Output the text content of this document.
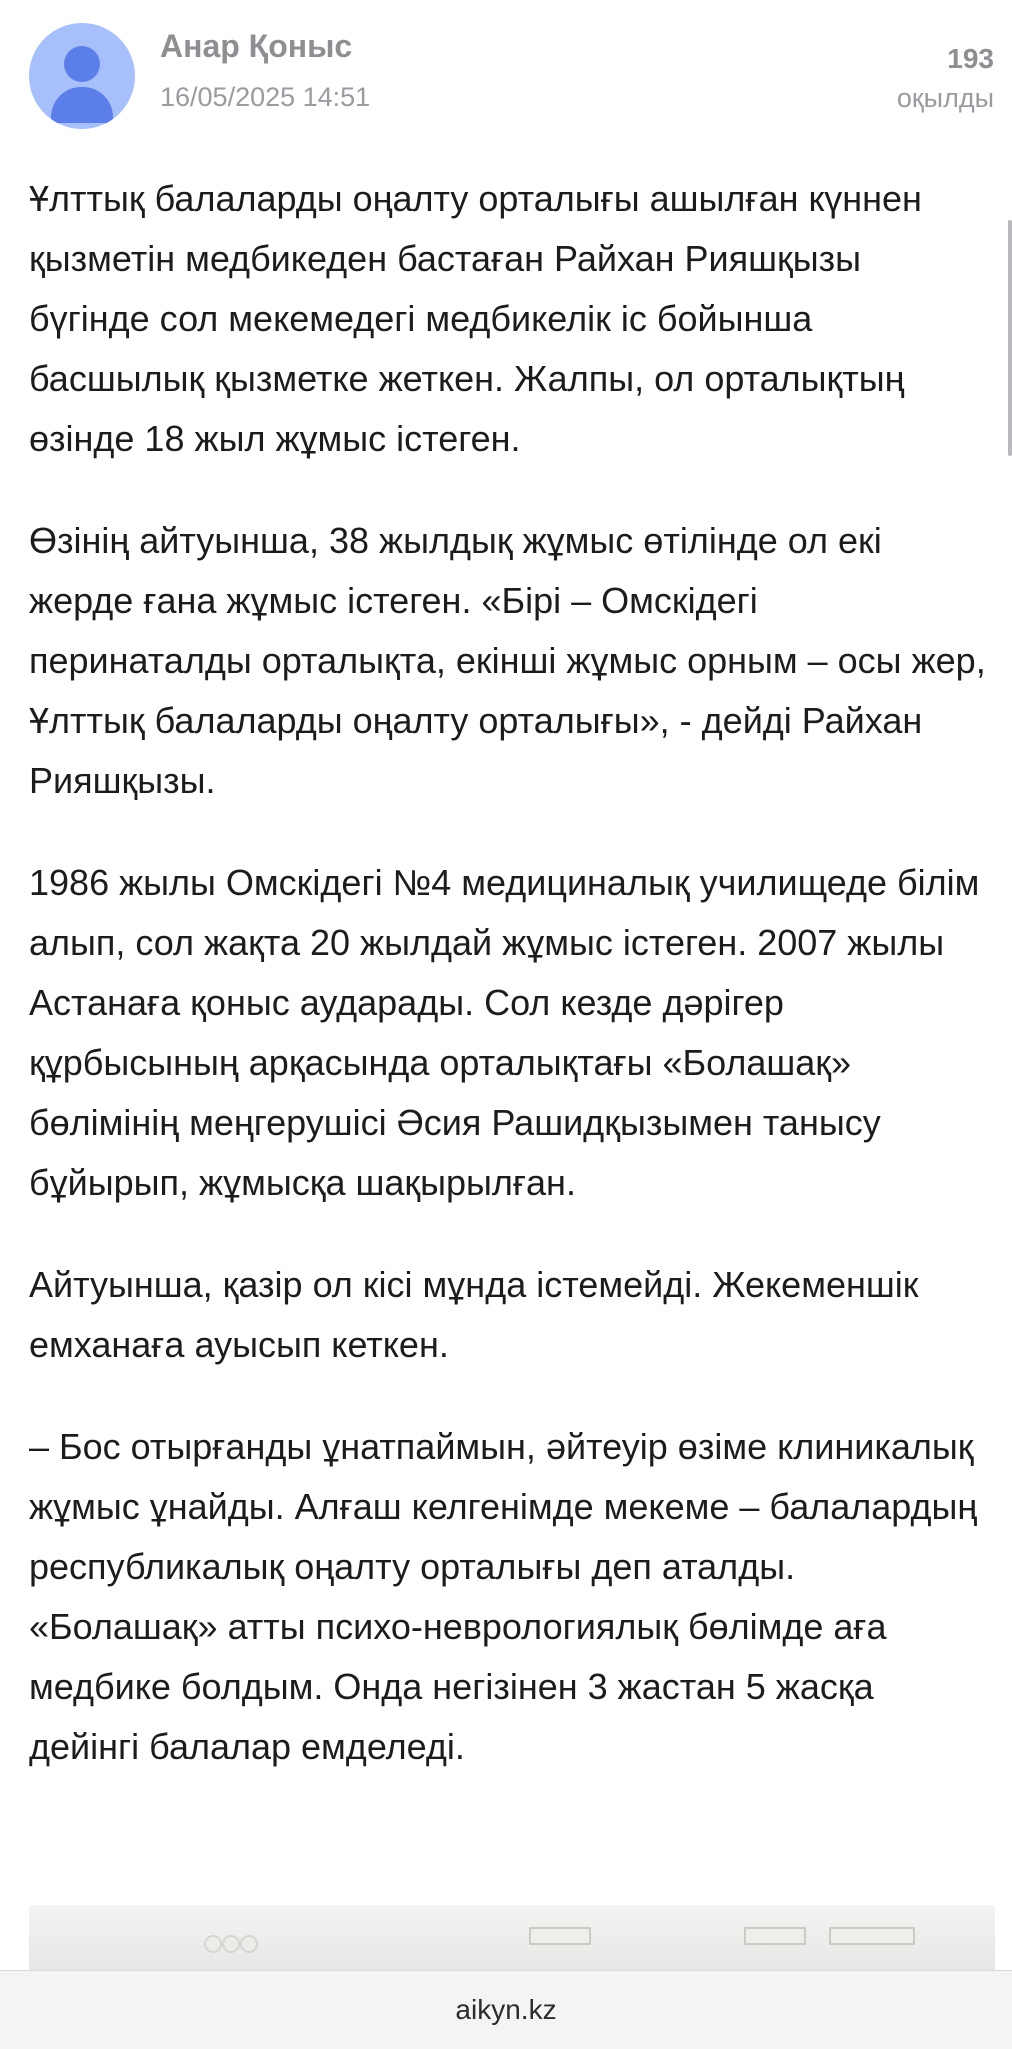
Анар Қоныс
16/05/2025 14:51
193
оқылды

Ұлттық балаларды оңалту орталығы ашылған күннен қызметін медбикеден бастаған Райхан Рияшқызы бүгінде сол мекемедегі медбикелік іс бойынша басшылық қызметке жеткен. Жалпы, ол орталықтың өзінде 18 жыл жұмыс істеген.

Өзінің айтуынша, 38 жылдық жұмыс өтілінде ол екі жерде ғана жұмыс істеген. «Бірі – Омскідегі перинаталды орталықта, екінші жұмыс орным – осы жер, Ұлттық балаларды оңалту орталығы», - дейді Райхан Рияшқызы.

1986 жылы Омскідегі №4 медициналық училищеде білім алып, сол жақта 20 жылдай жұмыс істеген. 2007 жылы Астанаға қоныс аударады. Сол кезде дәрігер құрбысының арқасында орталықтағы «Болашақ» бөлімінің меңгерушісі Әсия Рашидқызымен танысу бұйырып, жұмысқа шақырылған.

Айтуынша, қазір ол кісі мұнда істемейді. Жекеменшік емханаға ауысып кеткен.

– Бос отырғанды ұнатпаймын, әйтеуір өзіме клиникалық жұмыс ұнайды. Алғаш келгенімде мекеме – балалардың республикалық оңалту орталығы деп аталды. «Болашақ» атты психо-неврологиялық бөлімде аға медбике болдым. Онда негізінен 3 жастан 5 жасқа дейінгі балалар емделеді.

aikyn.kz
